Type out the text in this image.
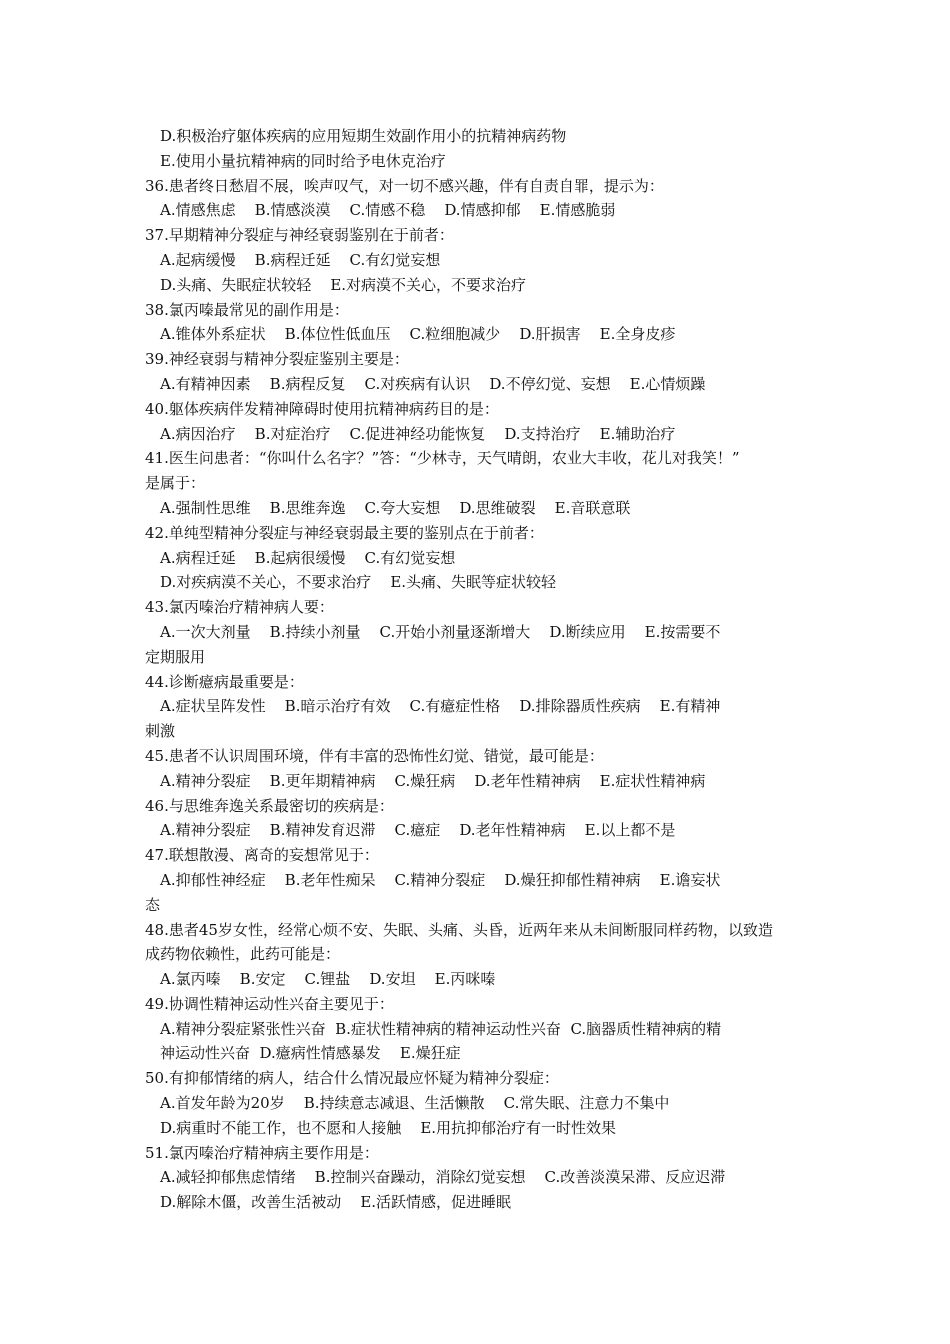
D.积极治疗躯体疾病的应用短期生效副作用小的抗精神病药物
E.使用小量抗精神病的同时给予电休克治疗
36.患者终日愁眉不展，唉声叹气，对一切不感兴趣，伴有自责自罪，提示为：
A.情感焦虑    B.情感淡漠    C.情感不稳    D.情感抑郁    E.情感脆弱
37.早期精神分裂症与神经衰弱鉴别在于前者：
A.起病缓慢    B.病程迁延    C.有幻觉妄想
D.头痛、失眠症状较轻    E.对病漠不关心，不要求治疗
38.氯丙嗪最常见的副作用是：
A.锥体外系症状    B.体位性低血压    C.粒细胞减少    D.肝损害    E.全身皮疹
39.神经衰弱与精神分裂症鉴别主要是：
A.有精神因素    B.病程反复    C.对疾病有认识    D.不停幻觉、妄想    E.心情烦躁
40.躯体疾病伴发精神障碍时使用抗精神病药目的是：
A.病因治疗    B.对症治疗    C.促进神经功能恢复    D.支持治疗    E.辅助治疗
41.医生问患者：“你叫什么名字？”答：“少林寺，天气晴朗，农业大丰收，花儿对我笑！”
是属于：
A.强制性思维    B.思维奔逸    C.夸大妄想    D.思维破裂    E.音联意联
42.单纯型精神分裂症与神经衰弱最主要的鉴别点在于前者：
A.病程迁延    B.起病很缓慢    C.有幻觉妄想
D.对疾病漠不关心，不要求治疗    E.头痛、失眠等症状较轻
43.氯丙嗪治疗精神病人要：
A.一次大剂量    B.持续小剂量    C.开始小剂量逐渐增大    D.断续应用    E.按需要不
定期服用
44.诊断癔病最重要是：
A.症状呈阵发性    B.暗示治疗有效    C.有癔症性格    D.排除器质性疾病    E.有精神
刺激
45.患者不认识周围环境，伴有丰富的恐怖性幻觉、错觉，最可能是：
A.精神分裂症    B.更年期精神病    C.燥狂病    D.老年性精神病    E.症状性精神病
46.与思维奔逸关系最密切的疾病是：
A.精神分裂症    B.精神发育迟滞    C.癔症    D.老年性精神病    E.以上都不是
47.联想散漫、离奇的妄想常见于：
A.抑郁性神经症    B.老年性痴呆    C.精神分裂症    D.燥狂抑郁性精神病    E.谵妄状
态
48.患者45岁女性，经常心烦不安、失眠、头痛、头昏，近两年来从未间断服同样药物，以致造
成药物依赖性，此药可能是：
A.氯丙嗪    B.安定    C.锂盐    D.安坦    E.丙咪嗪
49.协调性精神运动性兴奋主要见于：
A.精神分裂症紧张性兴奋  B.症状性精神病的精神运动性兴奋  C.脑器质性精神病的精
神运动性兴奋  D.癔病性情感暴发    E.燥狂症
50.有抑郁情绪的病人，结合什么情况最应怀疑为精神分裂症：
A.首发年龄为20岁    B.持续意志减退、生活懒散    C.常失眠、注意力不集中
D.病重时不能工作，也不愿和人接触    E.用抗抑郁治疗有一时性效果
51.氯丙嗪治疗精神病主要作用是：
A.减轻抑郁焦虑情绪    B.控制兴奋躁动，消除幻觉妄想    C.改善淡漠呆滞、反应迟滞
D.解除木僵，改善生活被动    E.活跃情感，促进睡眠
